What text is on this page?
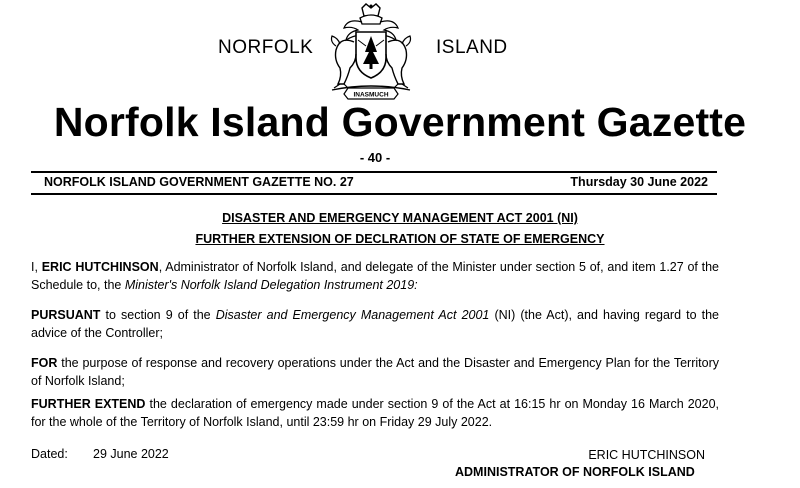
NORFOLK
INASMUCH
ISLAND
Norfolk Island Government Gazette
- 40 -
NORFOLK ISLAND GOVERNMENT GAZETTE NO. 27	Thursday 30 June 2022
DISASTER AND EMERGENCY MANAGEMENT ACT 2001 (NI)
FURTHER EXTENSION OF DECLRATION OF STATE OF EMERGENCY
I, ERIC HUTCHINSON, Administrator of Norfolk Island, and delegate of the Minister under section 5 of, and item 1.27 of the Schedule to, the Minister's Norfolk Island Delegation Instrument 2019:
PURSUANT to section 9 of the Disaster and Emergency Management Act 2001 (NI) (the Act), and having regard to the advice of the Controller;
FOR the purpose of response and recovery operations under the Act and the Disaster and Emergency Plan for the Territory of Norfolk Island;
FURTHER EXTEND the declaration of emergency made under section 9 of the Act at 16:15 hr on Monday 16 March 2020, for the whole of the Territory of Norfolk Island, until 23:59 hr on Friday 29 July 2022.
Dated: 29 June 2022	ERIC HUTCHINSON
ADMINISTRATOR OF NORFOLK ISLAND
